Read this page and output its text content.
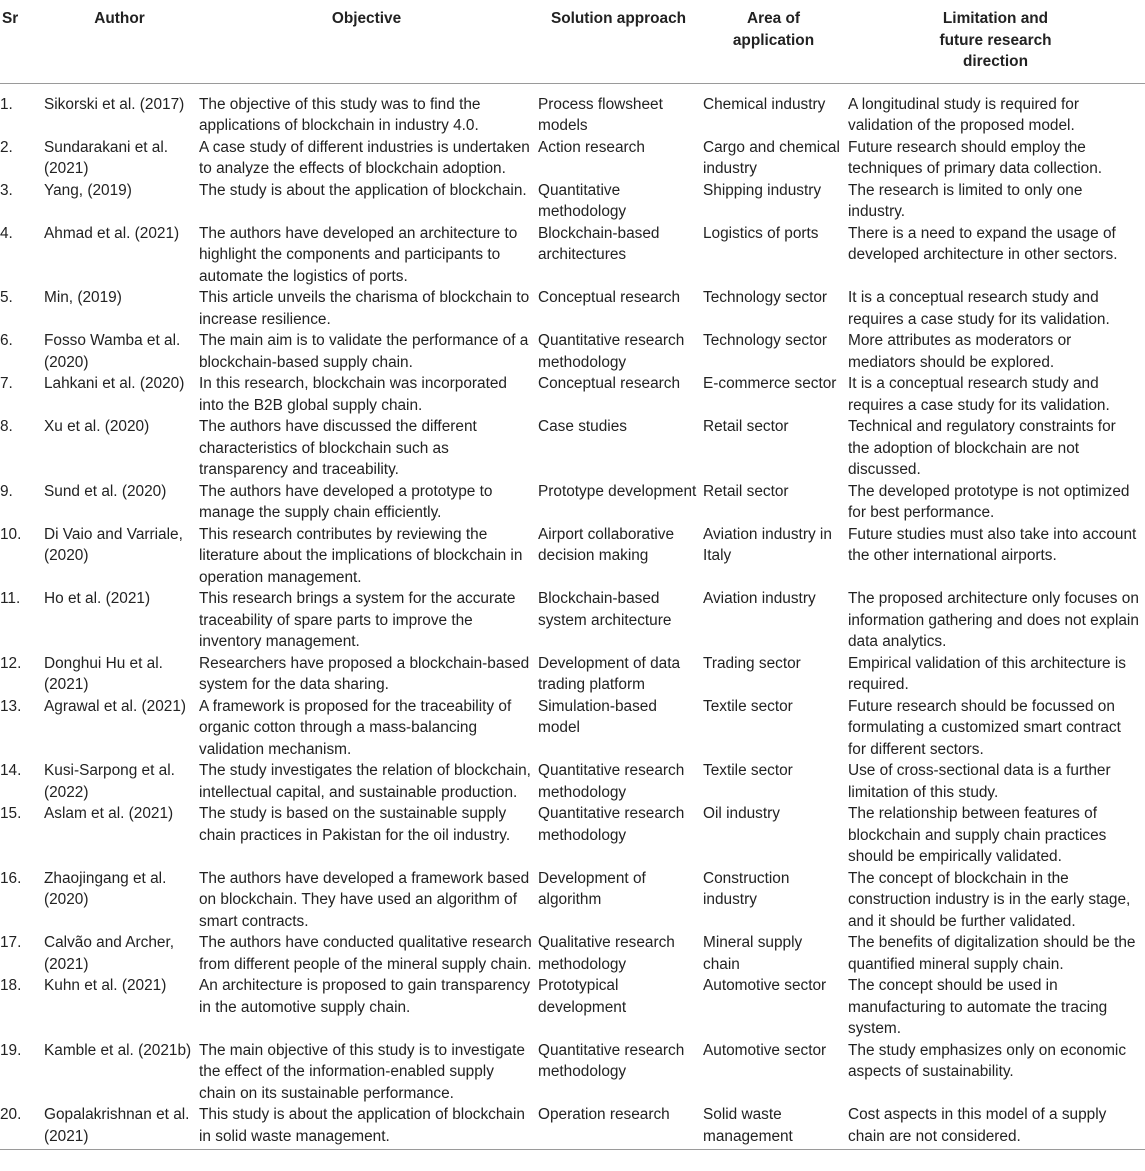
Sr	Author	Objective	Solution approach	Area of application	Limitation and future research direction
1.	Sikorski et al. (2017)	The objective of this study was to find the applications of blockchain in industry 4.0.	Process flowsheet models	Chemical industry	A longitudinal study is required for validation of the proposed model.
2.	Sundarakani et al. (2021)	A case study of different industries is undertaken to analyze the effects of blockchain adoption.	Action research	Cargo and chemical industry	Future research should employ the techniques of primary data collection.
3.	Yang, (2019)	The study is about the application of blockchain.	Quantitative methodology	Shipping industry	The research is limited to only one industry.
4.	Ahmad et al. (2021)	The authors have developed an architecture to highlight the components and participants to automate the logistics of ports.	Blockchain-based architectures	Logistics of ports	There is a need to expand the usage of developed architecture in other sectors.
5.	Min, (2019)	This article unveils the charisma of blockchain to increase resilience.	Conceptual research	Technology sector	It is a conceptual research study and requires a case study for its validation.
6.	Fosso Wamba et al. (2020)	The main aim is to validate the performance of a blockchain-based supply chain.	Quantitative research methodology	Technology sector	More attributes as moderators or mediators should be explored.
7.	Lahkani et al. (2020)	In this research, blockchain was incorporated into the B2B global supply chain.	Conceptual research	E-commerce sector	It is a conceptual research study and requires a case study for its validation.
8.	Xu et al. (2020)	The authors have discussed the different characteristics of blockchain such as transparency and traceability.	Case studies	Retail sector	Technical and regulatory constraints for the adoption of blockchain are not discussed.
9.	Sund et al. (2020)	The authors have developed a prototype to manage the supply chain efficiently.	Prototype development	Retail sector	The developed prototype is not optimized for best performance.
10.	Di Vaio and Varriale, (2020)	This research contributes by reviewing the literature about the implications of blockchain in operation management.	Airport collaborative decision making	Aviation industry in Italy	Future studies must also take into account the other international airports.
11.	Ho et al. (2021)	This research brings a system for the accurate traceability of spare parts to improve the inventory management.	Blockchain-based system architecture	Aviation industry	The proposed architecture only focuses on information gathering and does not explain data analytics.
12.	Donghui Hu et al. (2021)	Researchers have proposed a blockchain-based system for the data sharing.	Development of data trading platform	Trading sector	Empirical validation of this architecture is required.
13.	Agrawal et al. (2021)	A framework is proposed for the traceability of organic cotton through a mass-balancing validation mechanism.	Simulation-based model	Textile sector	Future research should be focussed on formulating a customized smart contract for different sectors.
14.	Kusi-Sarpong et al. (2022)	The study investigates the relation of blockchain, intellectual capital, and sustainable production.	Quantitative research methodology	Textile sector	Use of cross-sectional data is a further limitation of this study.
15.	Aslam et al. (2021)	The study is based on the sustainable supply chain practices in Pakistan for the oil industry.	Quantitative research methodology	Oil industry	The relationship between features of blockchain and supply chain practices should be empirically validated.
16.	Zhaojingang et al. (2020)	The authors have developed a framework based on blockchain. They have used an algorithm of smart contracts.	Development of algorithm	Construction industry	The concept of blockchain in the construction industry is in the early stage, and it should be further validated.
17.	Calvão and Archer, (2021)	The authors have conducted qualitative research from different people of the mineral supply chain.	Qualitative research methodology	Mineral supply chain	The benefits of digitalization should be the quantified mineral supply chain.
18.	Kuhn et al. (2021)	An architecture is proposed to gain transparency in the automotive supply chain.	Prototypical development	Automotive sector	The concept should be used in manufacturing to automate the tracing system.
19.	Kamble et al. (2021b)	The main objective of this study is to investigate the effect of the information-enabled supply chain on its sustainable performance.	Quantitative research methodology	Automotive sector	The study emphasizes only on economic aspects of sustainability.
20.	Gopalakrishnan et al. (2021)	This study is about the application of blockchain in solid waste management.	Operation research	Solid waste management	Cost aspects in this model of a supply chain are not considered.
